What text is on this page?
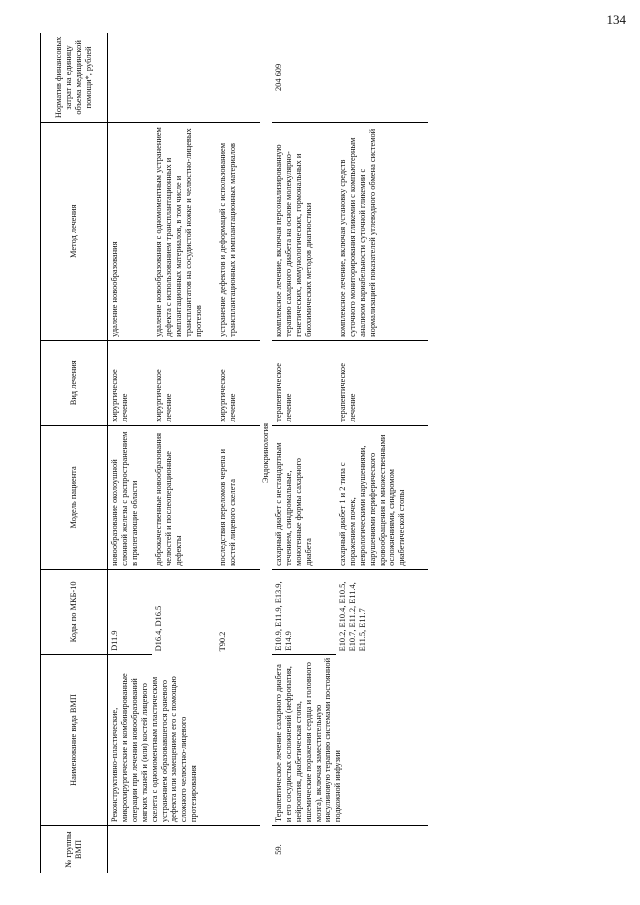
134
№ группы ВМП	Наименование вида ВМП	Коды по МКБ-10	Модель пациента	Вид лечения	Метод лечения	Норматив финансовых затрат на единицу объема медицинской помощи*, рублей
	Реконструктивно-пластические, микрохирургические и комбинированные операции при лечении новообразований мягких тканей и (или) костей лицевого скелета с одномоментным пластическим устранением образовавшегося раневого дефекта или замещением его с помощью сложного челюстно-лицевого протезирования	D11.9	новообразование околоушной слюнной железы с распространением в прилегающие области	хирургическое лечение	удаление новообразования	
		D16.4, D16.5	доброкачественные новообразования челюстей и послеоперационные дефекты	хирургическое лечение	удаление новообразования с одномоментным устранением дефекта с использованием трансплантационных и имплантационных материалов, в том числе и трансплантатов на сосудистой ножке и челюстно-лицевых протезов	
		T90.2	последствия переломов черепа и костей лицевого скелета	хирургическое лечение	устранение дефектов и деформаций с использованием трансплантационных и имплантационных материалов	
Эндокринология						
59.	Терапевтическое лечение сахарного диабета и его сосудистых осложнений (нефропатия, нейропатия, диабетическая стопа, ишемические поражения сердца и головного мозга), включая заместительную инсулиновую терапию системами постоянной подкожной инфузии	E10.9, E11.9, E13.9, E14.9	сахарный диабет с нестандартным течением, синдромальные, моногенные формы сахарного диабета	терапевтическое лечение	комплексное лечение, включая персонализированную терапию сахарного диабета на основе молекулярно-генетических, иммунологических, гормональных и биохимических методов диагностики	204 609
		E10.2, E10.4, E10.5, E10.7, E11.2, E11.4, E11.5, E11.7	сахарный диабет 1 и 2 типа с поражением почек, неврологическими нарушениями, нарушениями периферического кровообращения и множественными осложнениями, синдромом диабетической стопы	терапевтическое лечение	комплексное лечение, включая установку средств суточного мониторирования гликемии с компьютерным анализом вариабельности суточной гликемии с нормализацией показателей углеводного обмена системой	
